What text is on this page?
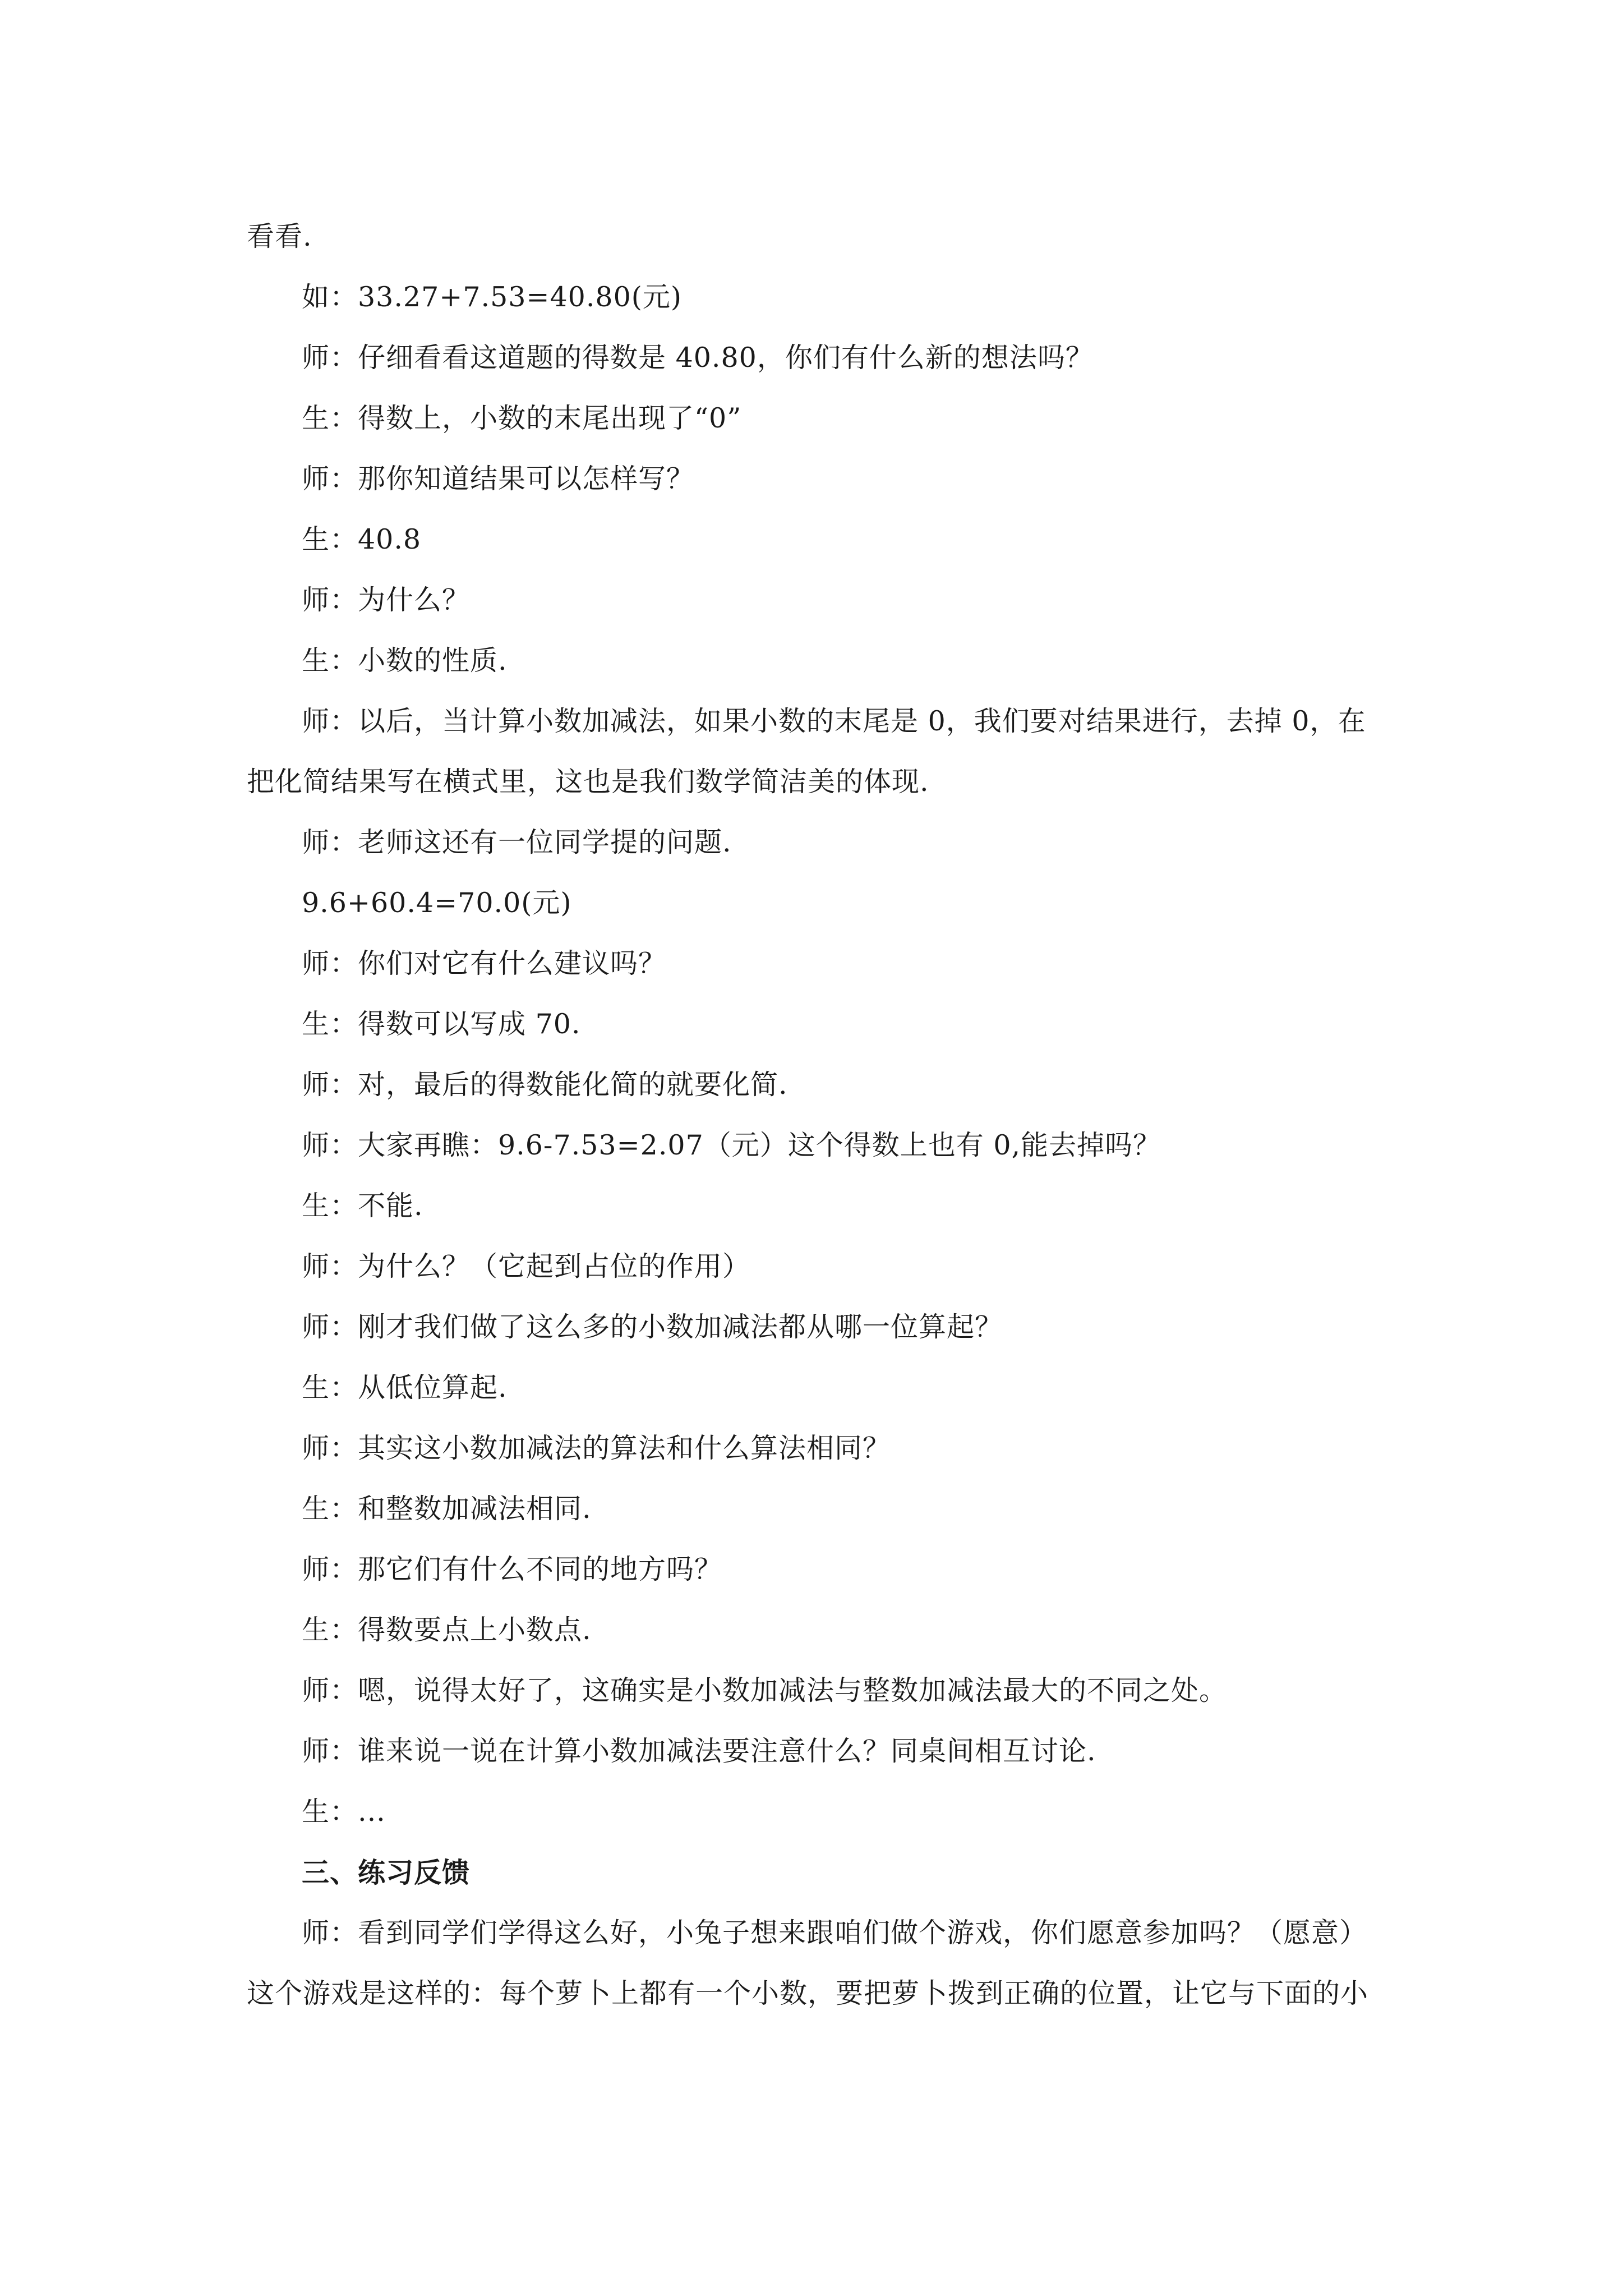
看看.
如：33.27+7.53=40.80(元)
师：仔细看看这道题的得数是 40.80，你们有什么新的想法吗？
生：得数上，小数的末尾出现了“0”
师：那你知道结果可以怎样写？
生：40.8
师：为什么？
生：小数的性质.
师：以后，当计算小数加减法，如果小数的末尾是 0，我们要对结果进行，去掉 0，在
把化简结果写在横式里，这也是我们数学简洁美的体现.
师：老师这还有一位同学提的问题.
9.6+60.4=70.0(元)
师：你们对它有什么建议吗？
生：得数可以写成 70.
师：对，最后的得数能化简的就要化简.
师：大家再瞧：9.6-7.53=2.07（元）这个得数上也有 0,能去掉吗？
生：不能.
师：为什么？（它起到占位的作用）
师：刚才我们做了这么多的小数加减法都从哪一位算起？
生：从低位算起.
师：其实这小数加减法的算法和什么算法相同？
生：和整数加减法相同.
师：那它们有什么不同的地方吗？
生：得数要点上小数点.
师：嗯，说得太好了，这确实是小数加减法与整数加减法最大的不同之处。
师：谁来说一说在计算小数加减法要注意什么？同桌间相互讨论.
生：...
三、练习反馈
师：看到同学们学得这么好，小兔子想来跟咱们做个游戏，你们愿意参加吗？（愿意）
这个游戏是这样的：每个萝卜上都有一个小数，要把萝卜拨到正确的位置，让它与下面的小
